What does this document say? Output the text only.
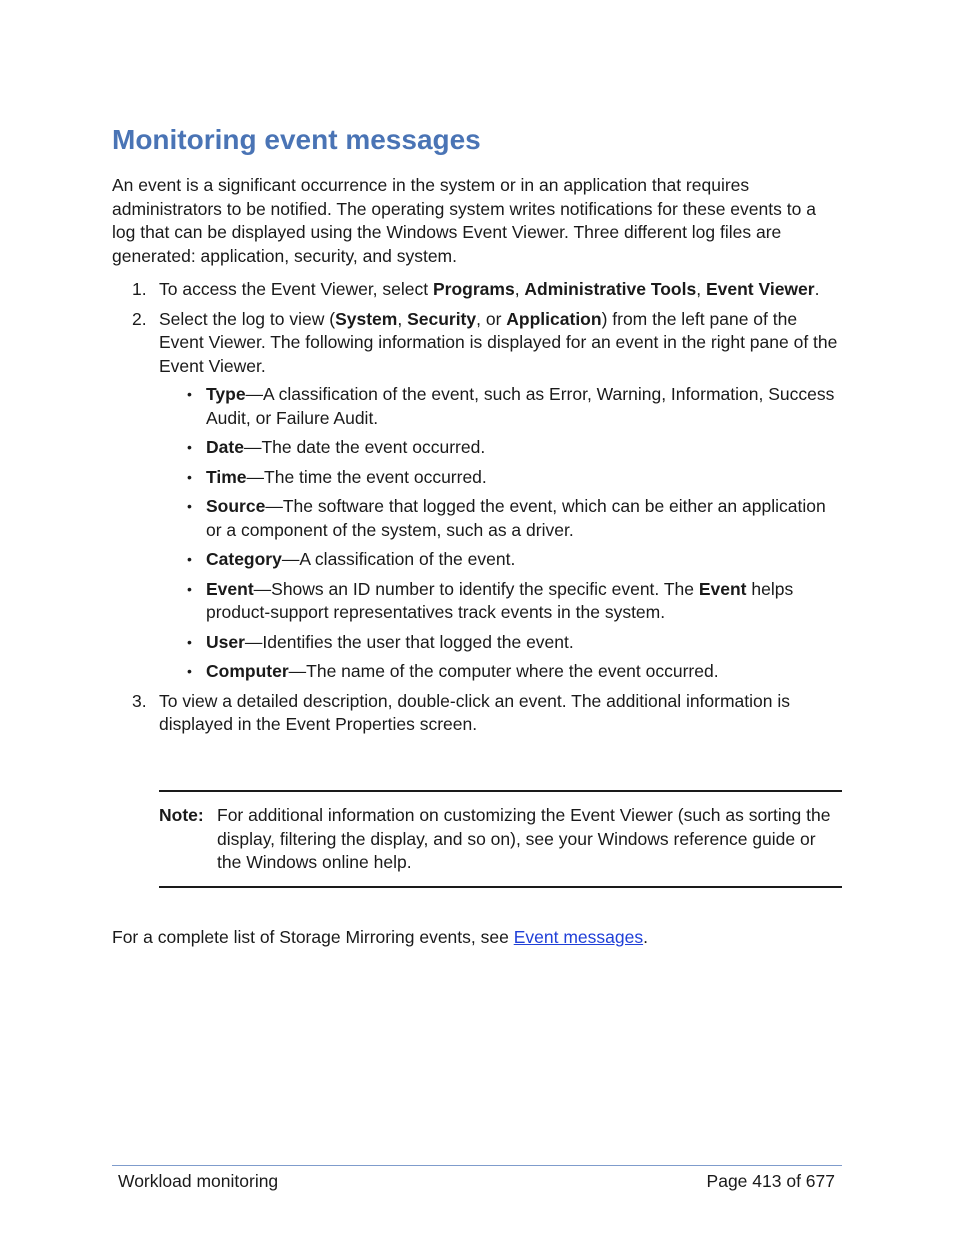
Monitoring event messages

An event is a significant occurrence in the system or in an application that requires administrators to be notified. The operating system writes notifications for these events to a log that can be displayed using the Windows Event Viewer. Three different log files are generated: application, security, and system.

1. To access the Event Viewer, select Programs, Administrative Tools, Event Viewer.
2. Select the log to view (System, Security, or Application) from the left pane of the Event Viewer. The following information is displayed for an event in the right pane of the Event Viewer.
• Type—A classification of the event, such as Error, Warning, Information, Success Audit, or Failure Audit.
• Date—The date the event occurred.
• Time—The time the event occurred.
• Source—The software that logged the event, which can be either an application or a component of the system, such as a driver.
• Category—A classification of the event.
• Event—Shows an ID number to identify the specific event. The Event helps product-support representatives track events in the system.
• User—Identifies the user that logged the event.
• Computer—The name of the computer where the event occurred.
3. To view a detailed description, double-click an event. The additional information is displayed in the Event Properties screen.
Note: For additional information on customizing the Event Viewer (such as sorting the display, filtering the display, and so on), see your Windows reference guide or the Windows online help.

For a complete list of Storage Mirroring events, see Event messages.

Workload monitoring	Page 413 of 677
